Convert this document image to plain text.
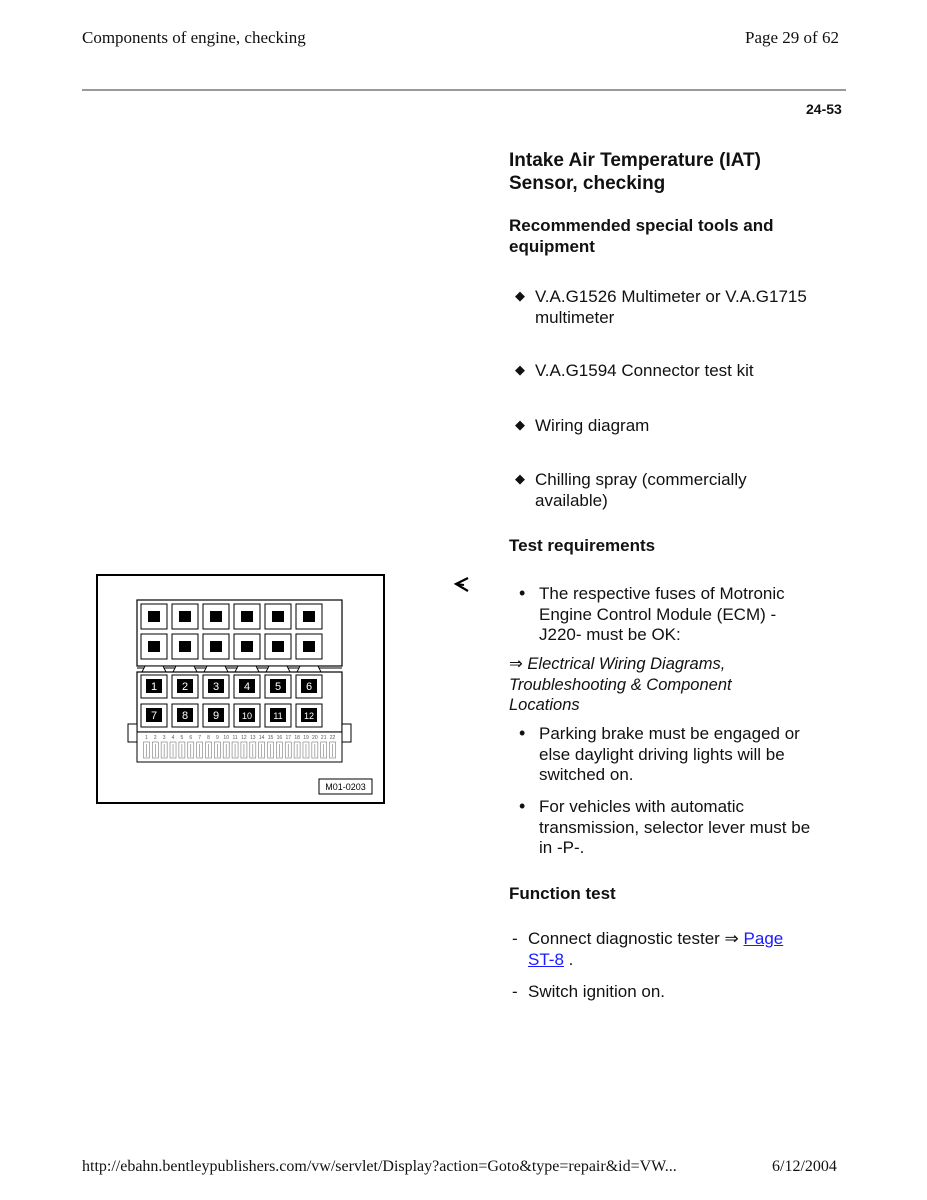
Components of engine, checking	Page 29 of 62
24-53
Intake Air Temperature (IAT)
Sensor, checking
Recommended special tools and
equipment
◆ V.A.G1526 Multimeter or V.A.G1715
multimeter
◆ V.A.G1594 Connector test kit
◆ Wiring diagram
◆ Chilling spray (commercially
available)
Test requirements
• The respective fuses of Motronic
Engine Control Module (ECM) -
J220- must be OK:
⇒ Electrical Wiring Diagrams,
Troubleshooting & Component
Locations
• Parking brake must be engaged or
else daylight driving lights will be
switched on.
• For vehicles with automatic
transmission, selector lever must be
in -P-.
Function test
- Connect diagnostic tester ⇒ Page
ST-8 .
- Switch ignition on.
1 2 3 4 5 6
7 8 9	10 11 12
1 2 3 4 5 6 7 8 9 10 11 12 13 14 15 16 17 18 19 20 21 22
M01-0203
http://ebahn.bentleypublishers.com/vw/servlet/Display?action=Goto&type=repair&id=VW...	6/12/2004
